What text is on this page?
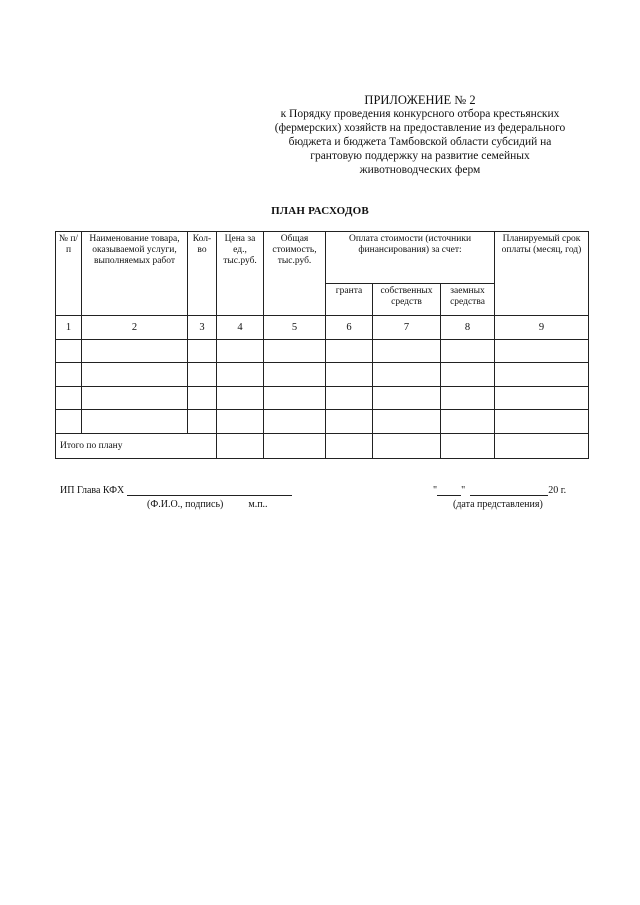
ПРИЛОЖЕНИЕ № 2
к Порядку проведения конкурсного отбора крестьянских
(фермерских) хозяйств на предоставление из федерального
бюджета и бюджета Тамбовской области субсидий на
грантовую поддержку на развитие семейных
животноводческих ферм
ПЛАН РАСХОДОВ
№ п/п	Наименование товара, оказываемой услуги, выполняемых работ	Кол-во	Цена за ед., тыс.руб.	Общая стоимость, тыс.руб.	Оплата стоимости (источники финансирования) за счет:			Планируемый срок оплаты (месяц, год)
					гранта	собственных средств	заемных средства	
1	2	3	4	5	6	7	8	9

Итого по плану								
ИП Глава КФХ
(Ф.И.О., подпись)	м.п..
" "	20 г.
(дата представления)
